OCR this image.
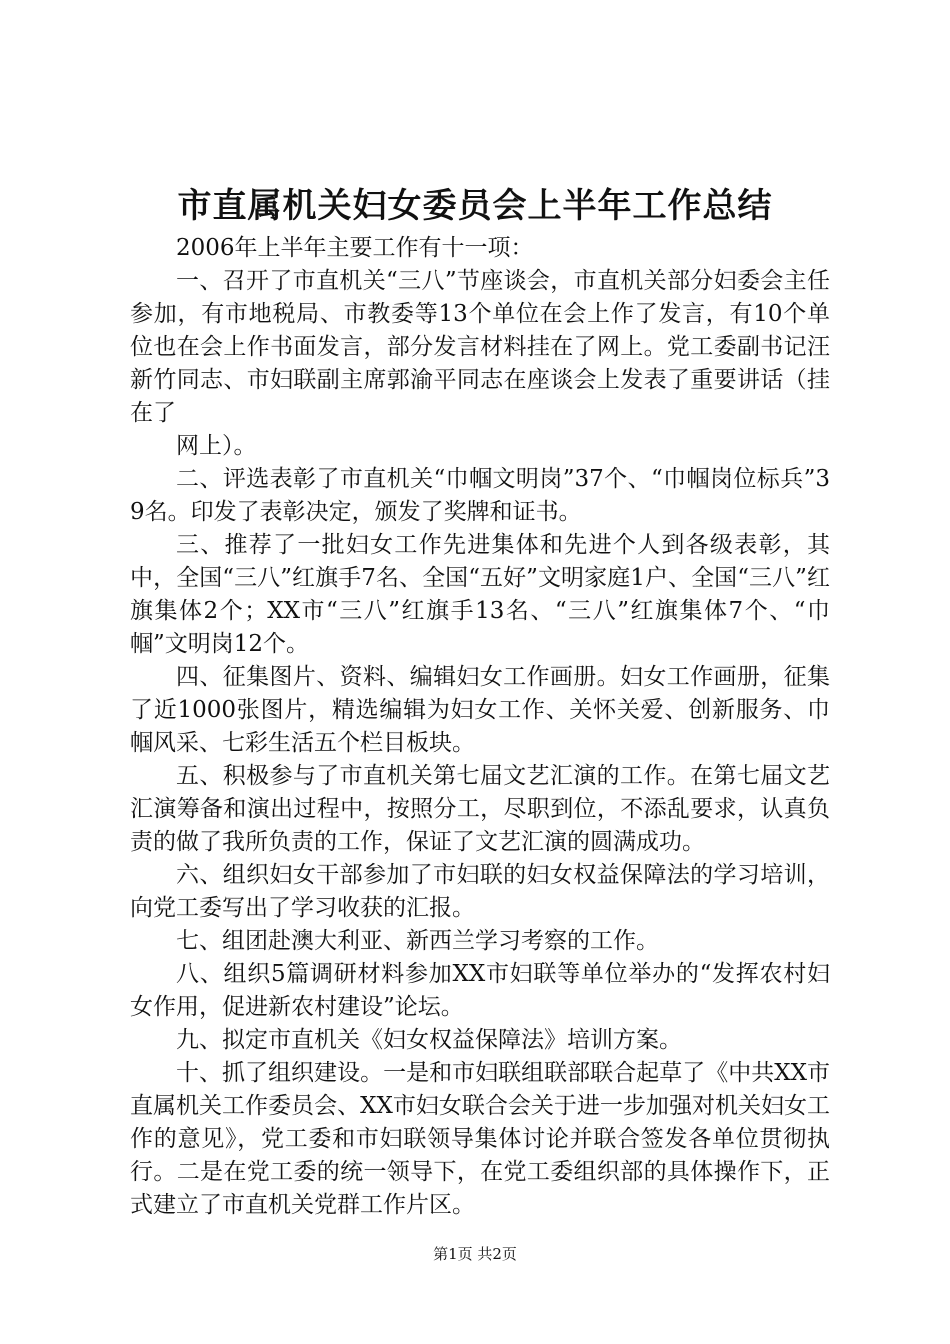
市直属机关妇女委员会上半年工作总结

2006年上半年主要工作有十一项：

一、召开了市直机关“三八”节座谈会，市直机关部分妇委会主任参加，有市地税局、市教委等13个单位在会上作了发言，有10个单位也在会上作书面发言，部分发言材料挂在了网上。党工委副书记汪新竹同志、市妇联副主席郭渝平同志在座谈会上发表了重要讲话（挂在了

网上）。

二、评选表彰了市直机关“巾帼文明岗”37个、“巾帼岗位标兵”39名。印发了表彰决定，颁发了奖牌和证书。

三、推荐了一批妇女工作先进集体和先进个人到各级表彰，其中，全国“三八”红旗手7名、全国“五好”文明家庭1户、全国“三八”红旗集体2个；XX市“三八”红旗手13名、“三八”红旗集体7个、“巾帼”文明岗12个。

四、征集图片、资料、编辑妇女工作画册。妇女工作画册，征集了近1000张图片，精选编辑为妇女工作、关怀关爱、创新服务、巾帼风采、七彩生活五个栏目板块。

五、积极参与了市直机关第七届文艺汇演的工作。在第七届文艺汇演筹备和演出过程中，按照分工，尽职到位，不添乱要求，认真负责的做了我所负责的工作，保证了文艺汇演的圆满成功。

六、组织妇女干部参加了市妇联的妇女权益保障法的学习培训，向党工委写出了学习收获的汇报。

七、组团赴澳大利亚、新西兰学习考察的工作。

八、组织5篇调研材料参加XX市妇联等单位举办的“发挥农村妇女作用，促进新农村建设”论坛。

九、拟定市直机关《妇女权益保障法》培训方案。

十、抓了组织建设。一是和市妇联组联部联合起草了《中共XX市直属机关工作委员会、XX市妇女联合会关于进一步加强对机关妇女工作的意见》，党工委和市妇联领导集体讨论并联合签发各单位贯彻执行。二是在党工委的统一领导下，在党工委组织部的具体操作下，正式建立了市直机关党群工作片区。

第1页 共2页
